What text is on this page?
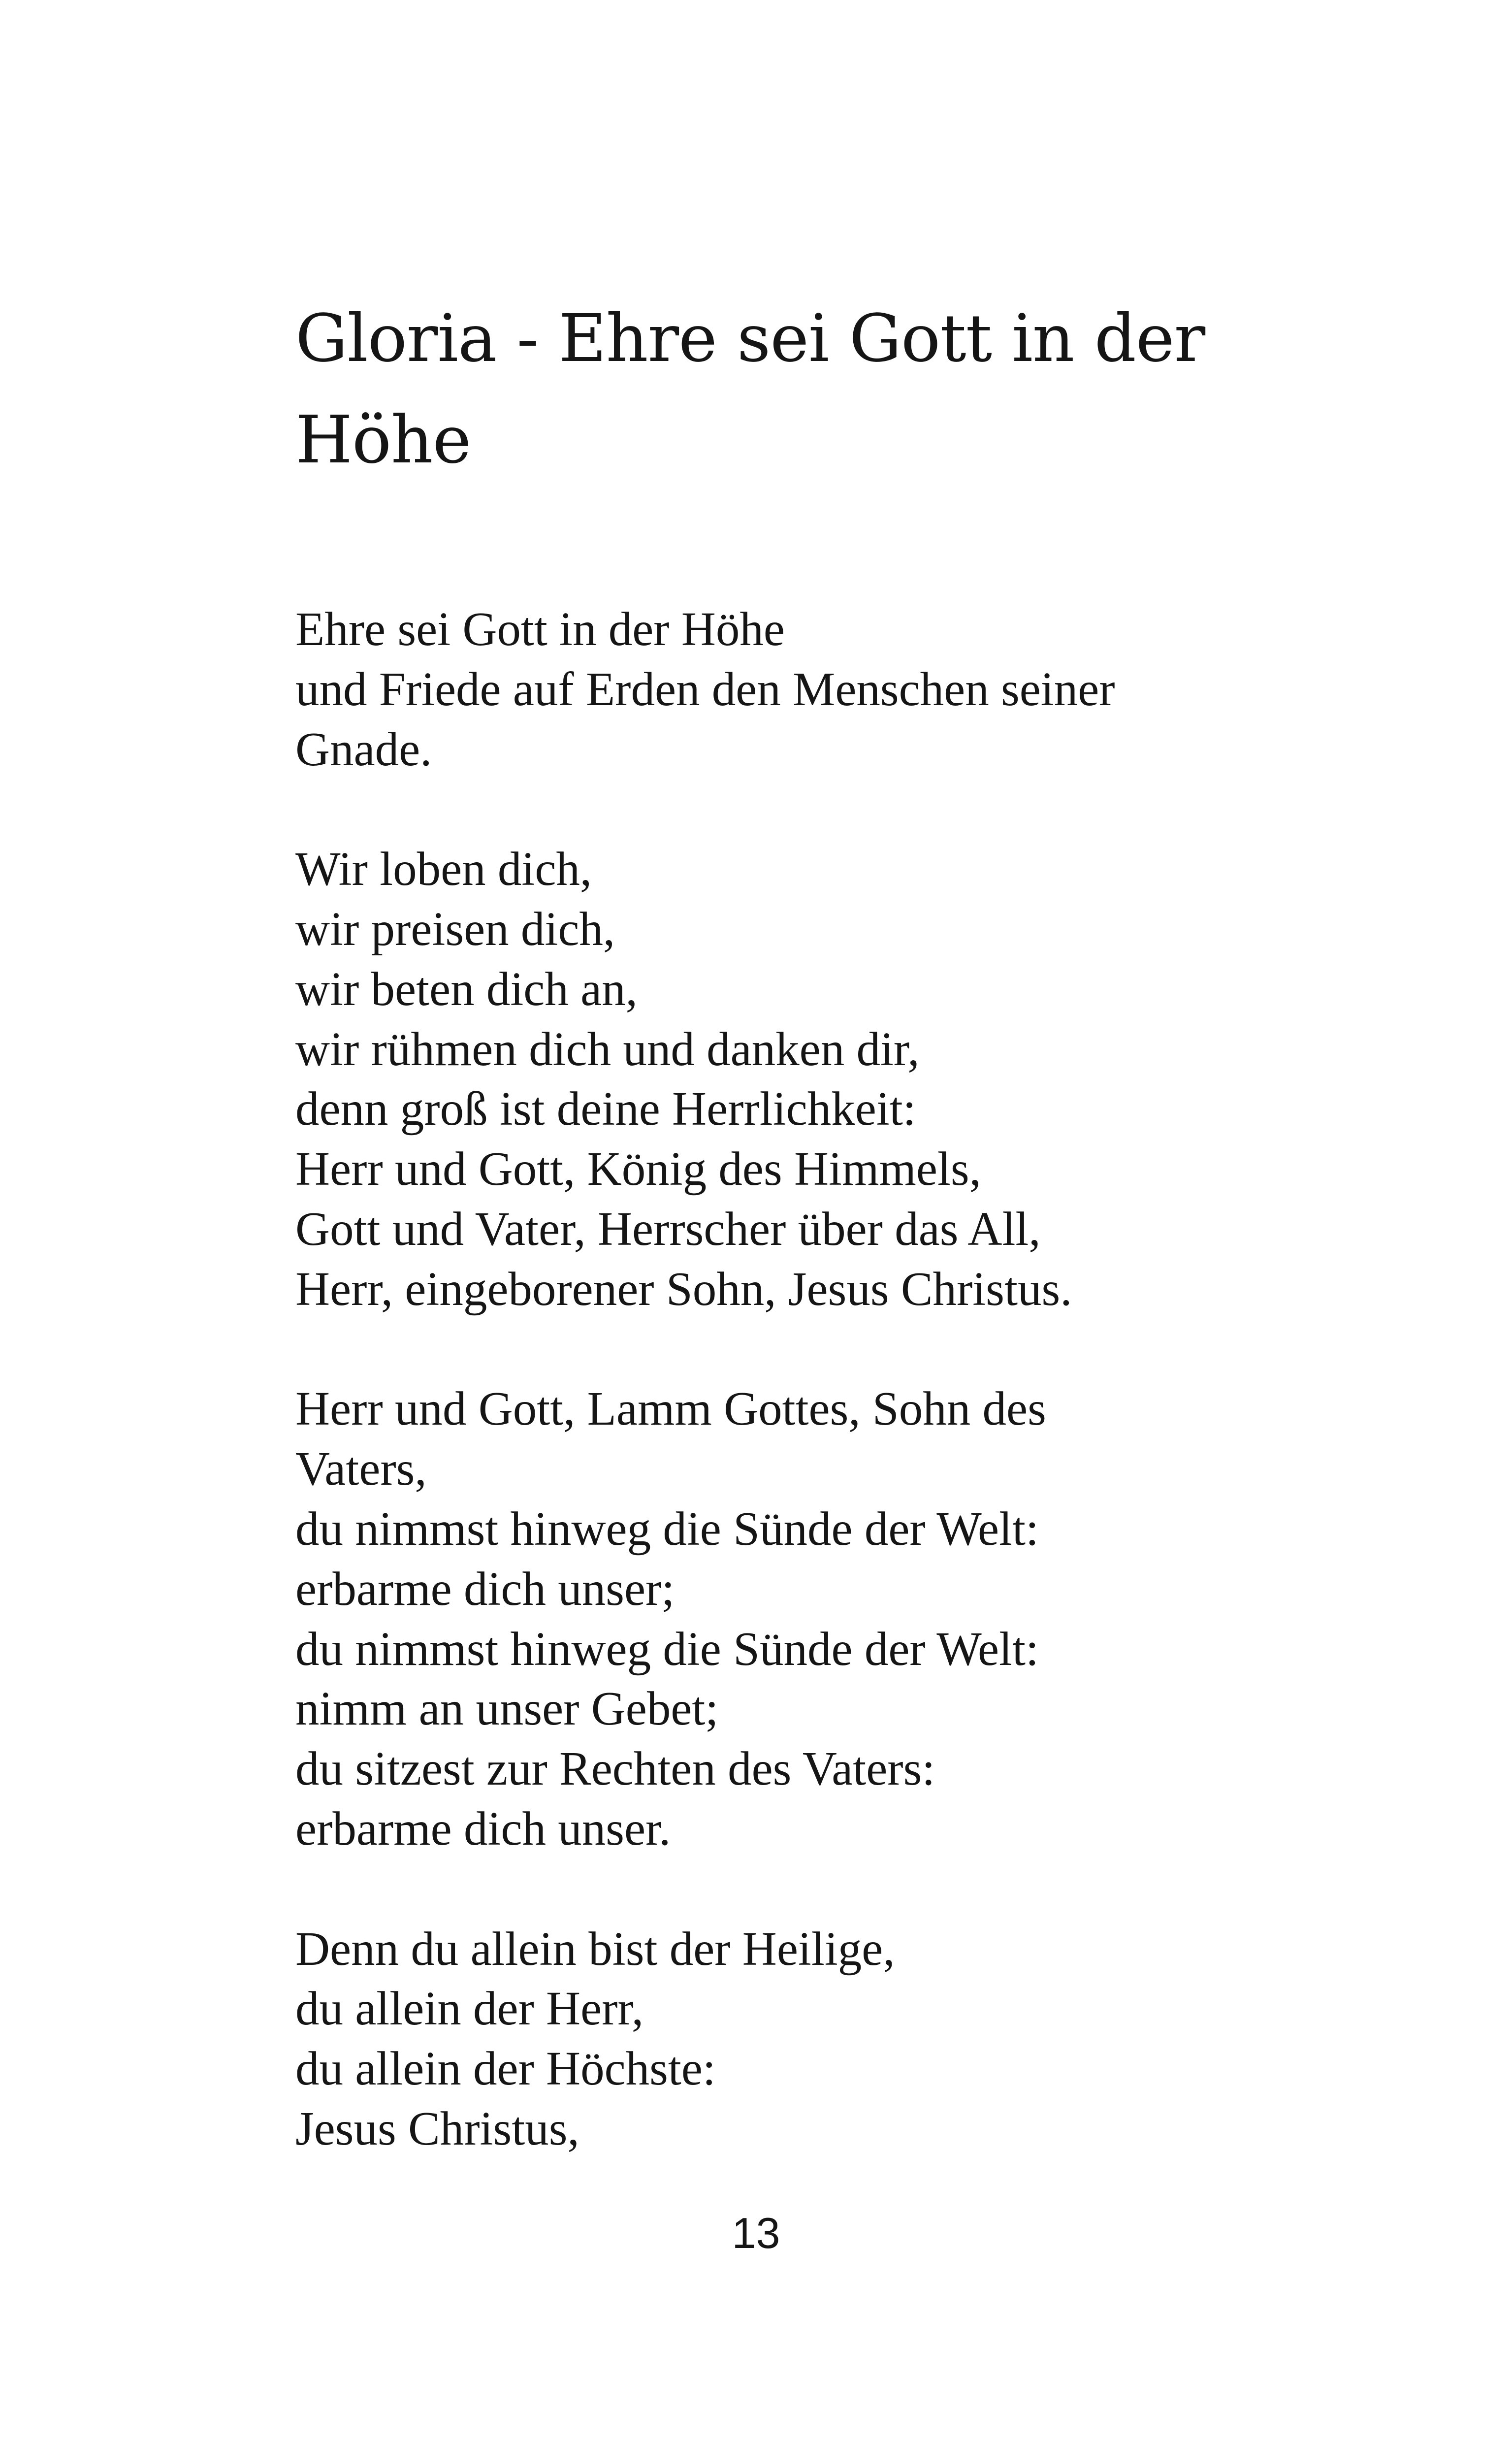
Gloria - Ehre sei Gott in der
Höhe

Ehre sei Gott in der Höhe
und Friede auf Erden den Menschen seiner
Gnade.

Wir loben dich,
wir preisen dich,
wir beten dich an,
wir rühmen dich und danken dir,
denn groß ist deine Herrlichkeit:
Herr und Gott, König des Himmels,
Gott und Vater, Herrscher über das All,
Herr, eingeborener Sohn, Jesus Christus.

Herr und Gott, Lamm Gottes, Sohn des
Vaters,
du nimmst hinweg die Sünde der Welt:
erbarme dich unser;
du nimmst hinweg die Sünde der Welt:
nimm an unser Gebet;
du sitzest zur Rechten des Vaters:
erbarme dich unser.

Denn du allein bist der Heilige,
du allein der Herr,
du allein der Höchste:
Jesus Christus,

13
